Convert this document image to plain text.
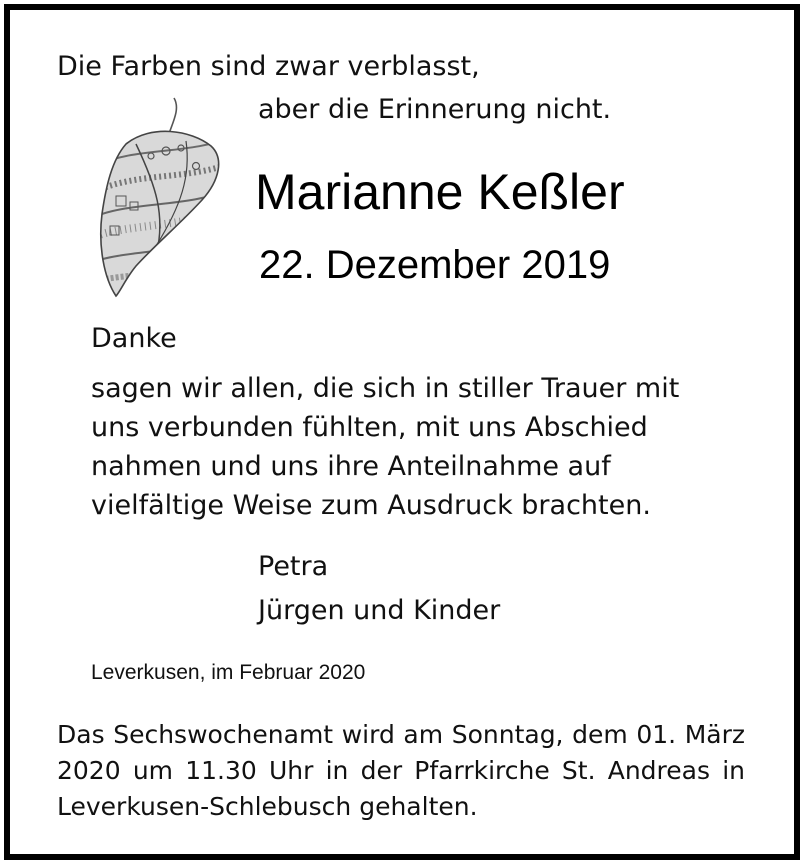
Die Farben sind zwar verblasst,
aber die Erinnerung nicht.
Marianne Keßler
22. Dezember 2019
Danke
sagen wir allen, die sich in stiller Trauer mit
uns verbunden fühlten, mit uns Abschied
nahmen und uns ihre Anteilnahme auf
vielfältige Weise zum Ausdruck brachten.
Petra
Jürgen und Kinder
Leverkusen, im Februar 2020
Das Sechswochenamt wird am Sonntag, dem 01. März
2020 um 11.30 Uhr in der Pfarrkirche St. Andreas in
Leverkusen-Schlebusch gehalten.
